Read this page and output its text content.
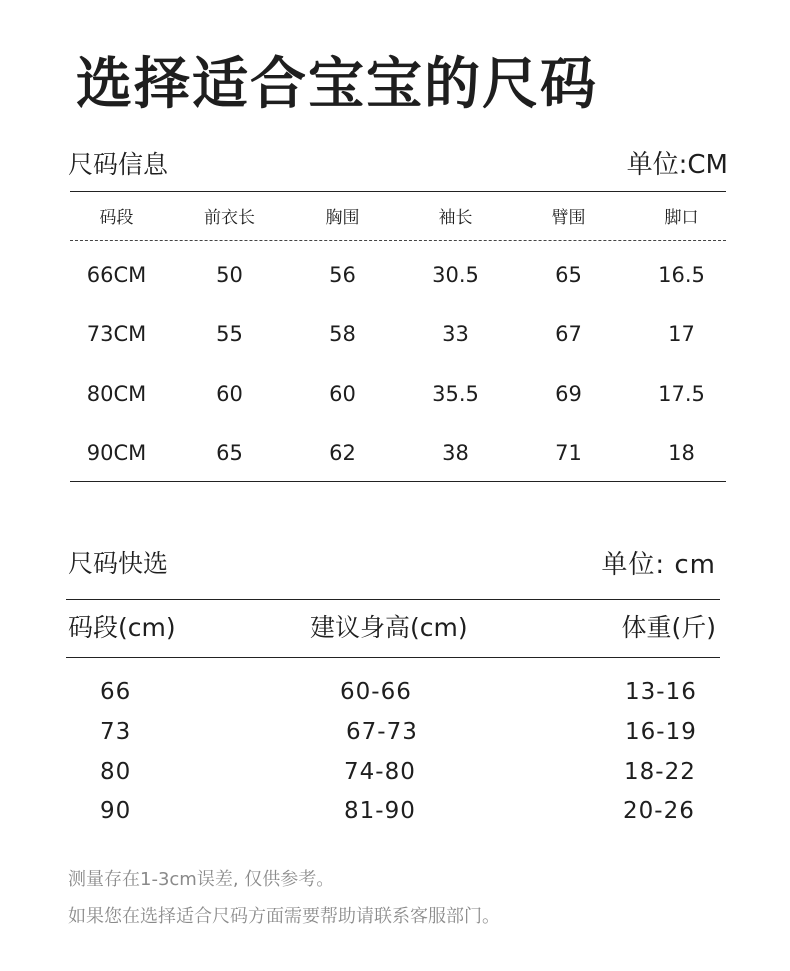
选择适合宝宝的尺码
尺码信息	单位:CM
码段	前衣长	胸围	袖长	臂围	脚口
66CM	50	56	30.5	65	16.5
73CM	55	58	33	67	17
80CM	60	60	35.5	69	17.5
90CM	65	62	38	71	18
尺码快选	单位: cm
码段(cm)	建议身高(cm)	体重(斤)
66	60-66	13-16
73	67-73	16-19
80	74-80	18-22
90	81-90	20-26
测量存在1-3cm误差, 仅供参考。
如果您在选择适合尺码方面需要帮助请联系客服部门。
